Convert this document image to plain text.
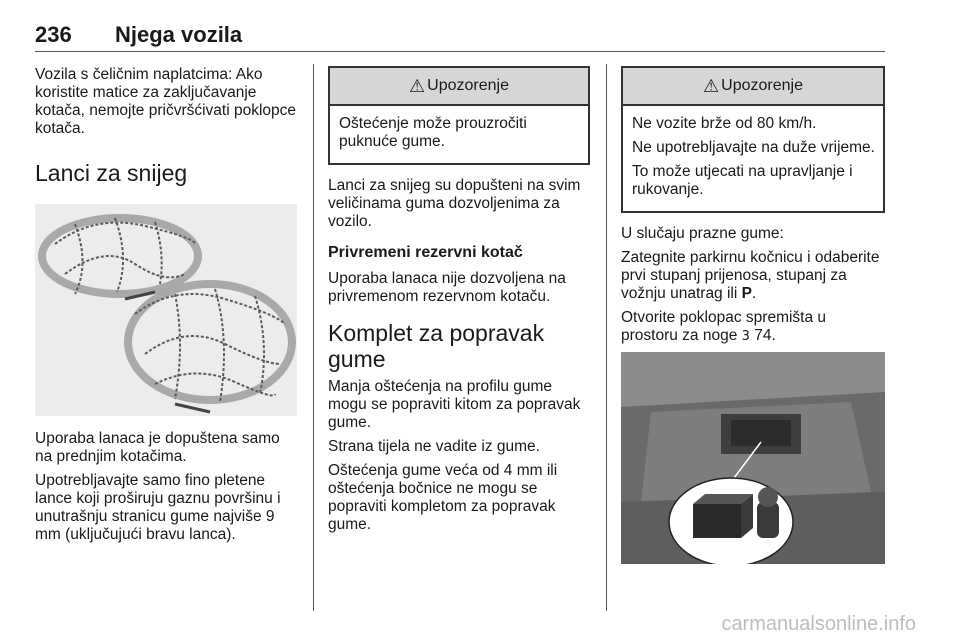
236 Njega vozila

Vozila s čeličnim naplatcima: Ako koristite matice za zaključavanje kotača, nemojte pričvršćivati poklopce kotača.

Lanci za snijeg

Uporaba lanaca je dopuštena samo na prednjim kotačima.

Upotrebljavajte samo fino pletene lance koji proširuju gaznu površinu i unutrašnju stranicu gume najviše 9 mm (uključujući bravu lanca).

⚠ Upozorenje

Oštećenje može prouzročiti puknuće gume.

Lanci za snijeg su dopušteni na svim veličinama guma dozvoljenima za vozilo.

Privremeni rezervni kotač

Uporaba lanaca nije dozvoljena na privremenom rezervnom kotaču.

Komplet za popravak gume

Manja oštećenja na profilu gume mogu se popraviti kitom za popravak gume.

Strana tijela ne vadite iz gume.

Oštećenja gume veća od 4 mm ili oštećenja bočnice ne mogu se popraviti kompletom za popravak gume.

⚠ Upozorenje

Ne vozite brže od 80 km/h.

Ne upotrebljavajte na duže vrijeme.

To može utjecati na upravljanje i rukovanje.

U slučaju prazne gume:

Zategnite parkirnu kočnicu i odaberite prvi stupanj prijenosa, stupanj za vožnju unatrag ili P.

Otvorite poklopac spremišta u prostoru za noge 3 74.

carmanualsonline.info
